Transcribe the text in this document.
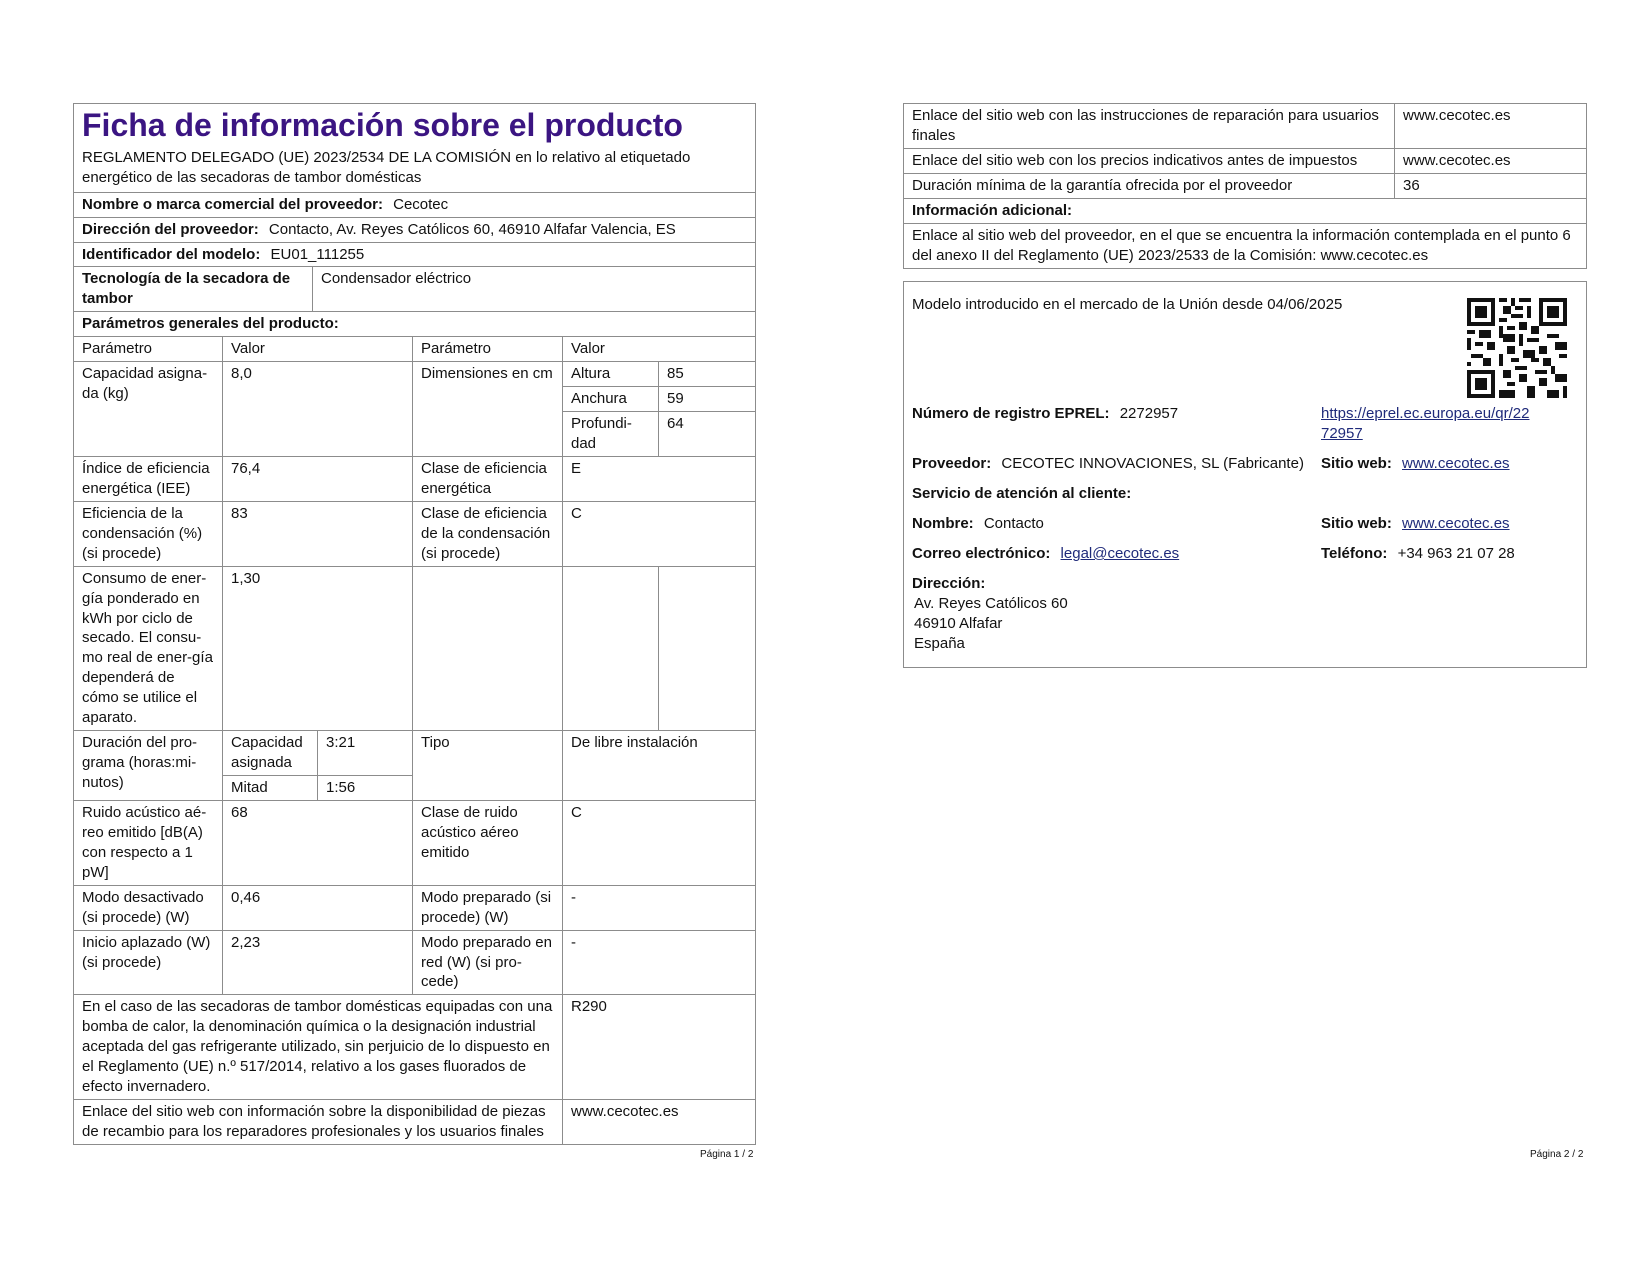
Ficha de información sobre el producto
REGLAMENTO DELEGADO (UE) 2023/2534 DE LA COMISIÓN en lo relativo al etiquetado energético de las secadoras de tambor domésticas
Nombre o marca comercial del proveedor: Cecotec
Dirección del proveedor: Contacto, Av. Reyes Católicos 60, 46910 Alfafar Valencia, ES
Identificador del modelo: EU01_111255
Tecnología de la secadora de tambor	Condensador eléctrico
Parámetros generales del producto:
Parámetro	Valor		Parámetro	Valor	
Capacidad asigna-da (kg)	8,0		Dimensiones en cm	Altura	85
				Anchura	59
				Profundi-dad	64
Índice de eficiencia energética (IEE)	76,4		Clase de eficiencia energética	E	
Eficiencia de la condensación (%) (si procede)	83		Clase de eficiencia de la condensación (si procede)	C	
Consumo de ener-gía ponderado en kWh por ciclo de secado. El consu-mo real de ener-gía dependerá de cómo se utilice el aparato.	1,30				
Duración del pro-grama (horas:mi-nutos)	Capacidad asignada	3:21	Tipo	De libre instalación	
	Mitad	1:56			
Ruido acústico aé-reo emitido [dB(A) con respecto a 1 pW]	68		Clase de ruido acústico aéreo emitido	C	
Modo desactivado (si procede) (W)	0,46		Modo preparado (si procede) (W)	-	
Inicio aplazado (W) (si procede)	2,23		Modo preparado en red (W) (si pro-cede)	-	
En el caso de las secadoras de tambor domésticas equipadas con una bomba de calor, la denominación química o la designación industrial aceptada del gas refrigerante utilizado, sin perjuicio de lo dispuesto en el Reglamento (UE) n.º 517/2014, relativo a los gases fluorados de efecto invernadero.				R290	
Enlace del sitio web con información sobre la disponibilidad de piezas de recambio para los reparadores profesionales y los usuarios finales				www.cecotec.es	
Página 1 / 2
Enlace del sitio web con las instrucciones de reparación para usuarios finales	www.cecotec.es
Enlace del sitio web con los precios indicativos antes de impuestos	www.cecotec.es
Duración mínima de la garantía ofrecida por el proveedor	36
Información adicional:	
Enlace al sitio web del proveedor, en el que se encuentra la información contemplada en el punto 6 del anexo II del Reglamento (UE) 2023/2533 de la Comisión: www.cecotec.es	
Modelo introducido en el mercado de la Unión desde 04/06/2025
Número de registro EPREL: 2272957	https://eprel.ec.europa.eu/qr/22
72957
Proveedor: CECOTEC INNOVACIONES, SL (Fabricante) Sitio web: www.cecotec.es
Servicio de atención al cliente:
Nombre: Contacto	Sitio web: www.cecotec.es
Correo electrónico: legal@cecotec.es	Teléfono: +34 963 21 07 28
Dirección:
Av. Reyes Católicos 60
46910 Alfafar
España
Página 2 / 2
